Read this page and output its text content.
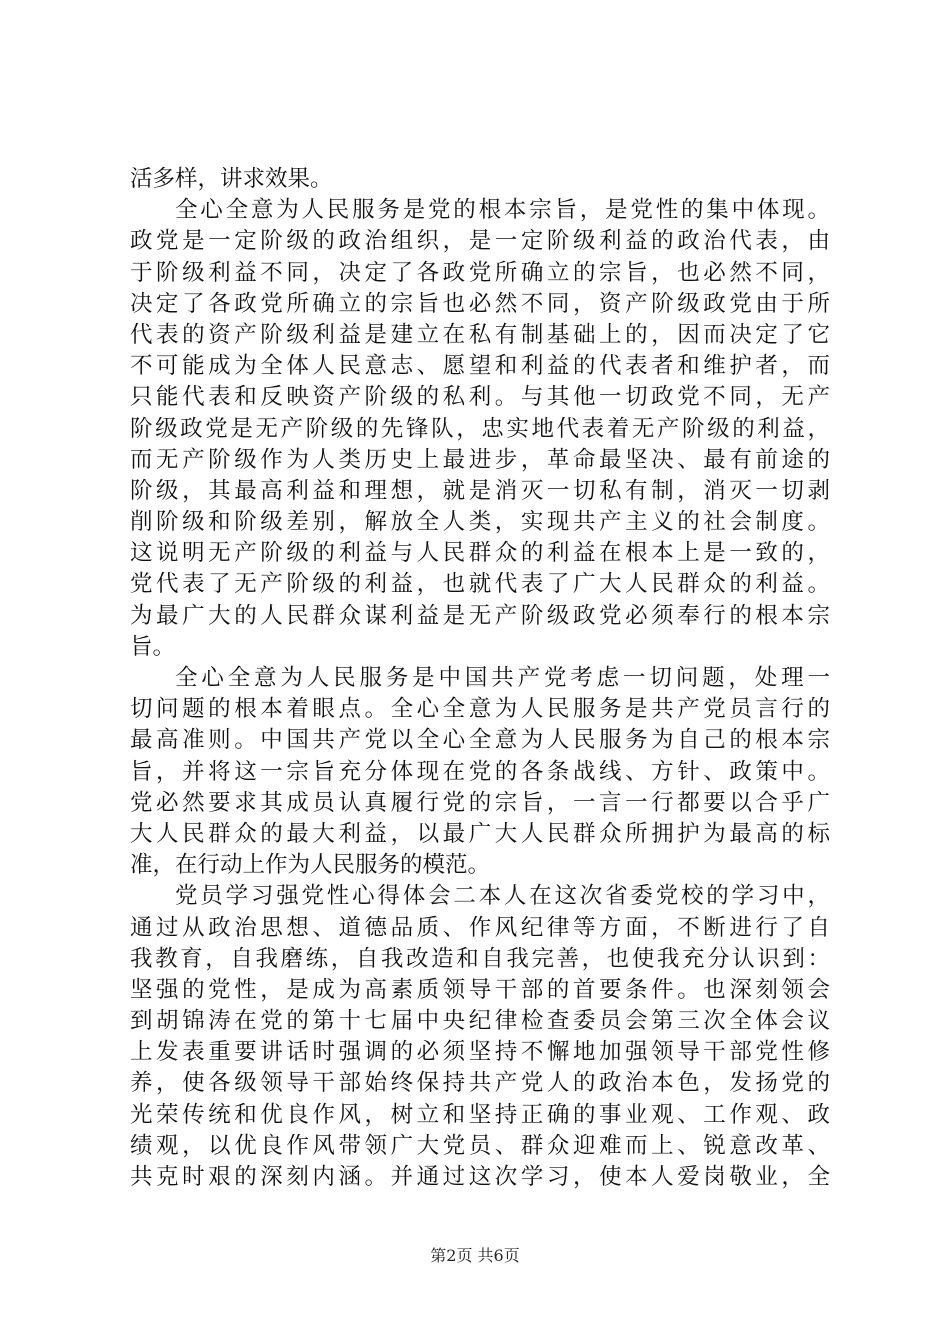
活多样，讲求效果。
全心全意为人民服务是党的根本宗旨，是党性的集中体现。
政党是一定阶级的政治组织，是一定阶级利益的政治代表，由
于阶级利益不同，决定了各政党所确立的宗旨，也必然不同，
决定了各政党所确立的宗旨也必然不同，资产阶级政党由于所
代表的资产阶级利益是建立在私有制基础上的，因而决定了它
不可能成为全体人民意志、愿望和利益的代表者和维护者，而
只能代表和反映资产阶级的私利。与其他一切政党不同，无产
阶级政党是无产阶级的先锋队，忠实地代表着无产阶级的利益，
而无产阶级作为人类历史上最进步，革命最坚决、最有前途的
阶级，其最高利益和理想，就是消灭一切私有制，消灭一切剥
削阶级和阶级差别，解放全人类，实现共产主义的社会制度。
这说明无产阶级的利益与人民群众的利益在根本上是一致的，
党代表了无产阶级的利益，也就代表了广大人民群众的利益。
为最广大的人民群众谋利益是无产阶级政党必须奉行的根本宗
旨。
全心全意为人民服务是中国共产党考虑一切问题，处理一
切问题的根本着眼点。全心全意为人民服务是共产党员言行的
最高准则。中国共产党以全心全意为人民服务为自己的根本宗
旨，并将这一宗旨充分体现在党的各条战线、方针、政策中。
党必然要求其成员认真履行党的宗旨，一言一行都要以合乎广
大人民群众的最大利益，以最广大人民群众所拥护为最高的标
准，在行动上作为人民服务的模范。
党员学习强党性心得体会二本人在这次省委党校的学习中，
通过从政治思想、道德品质、作风纪律等方面，不断进行了自
我教育，自我磨练，自我改造和自我完善，也使我充分认识到：
坚强的党性，是成为高素质领导干部的首要条件。也深刻领会
到胡锦涛在党的第十七届中央纪律检查委员会第三次全体会议
上发表重要讲话时强调的必须坚持不懈地加强领导干部党性修
养，使各级领导干部始终保持共产党人的政治本色，发扬党的
光荣传统和优良作风，树立和坚持正确的事业观、工作观、政
绩观，以优良作风带领广大党员、群众迎难而上、锐意改革、
共克时艰的深刻内涵。并通过这次学习，使本人爱岗敬业，全
第2页 共6页
